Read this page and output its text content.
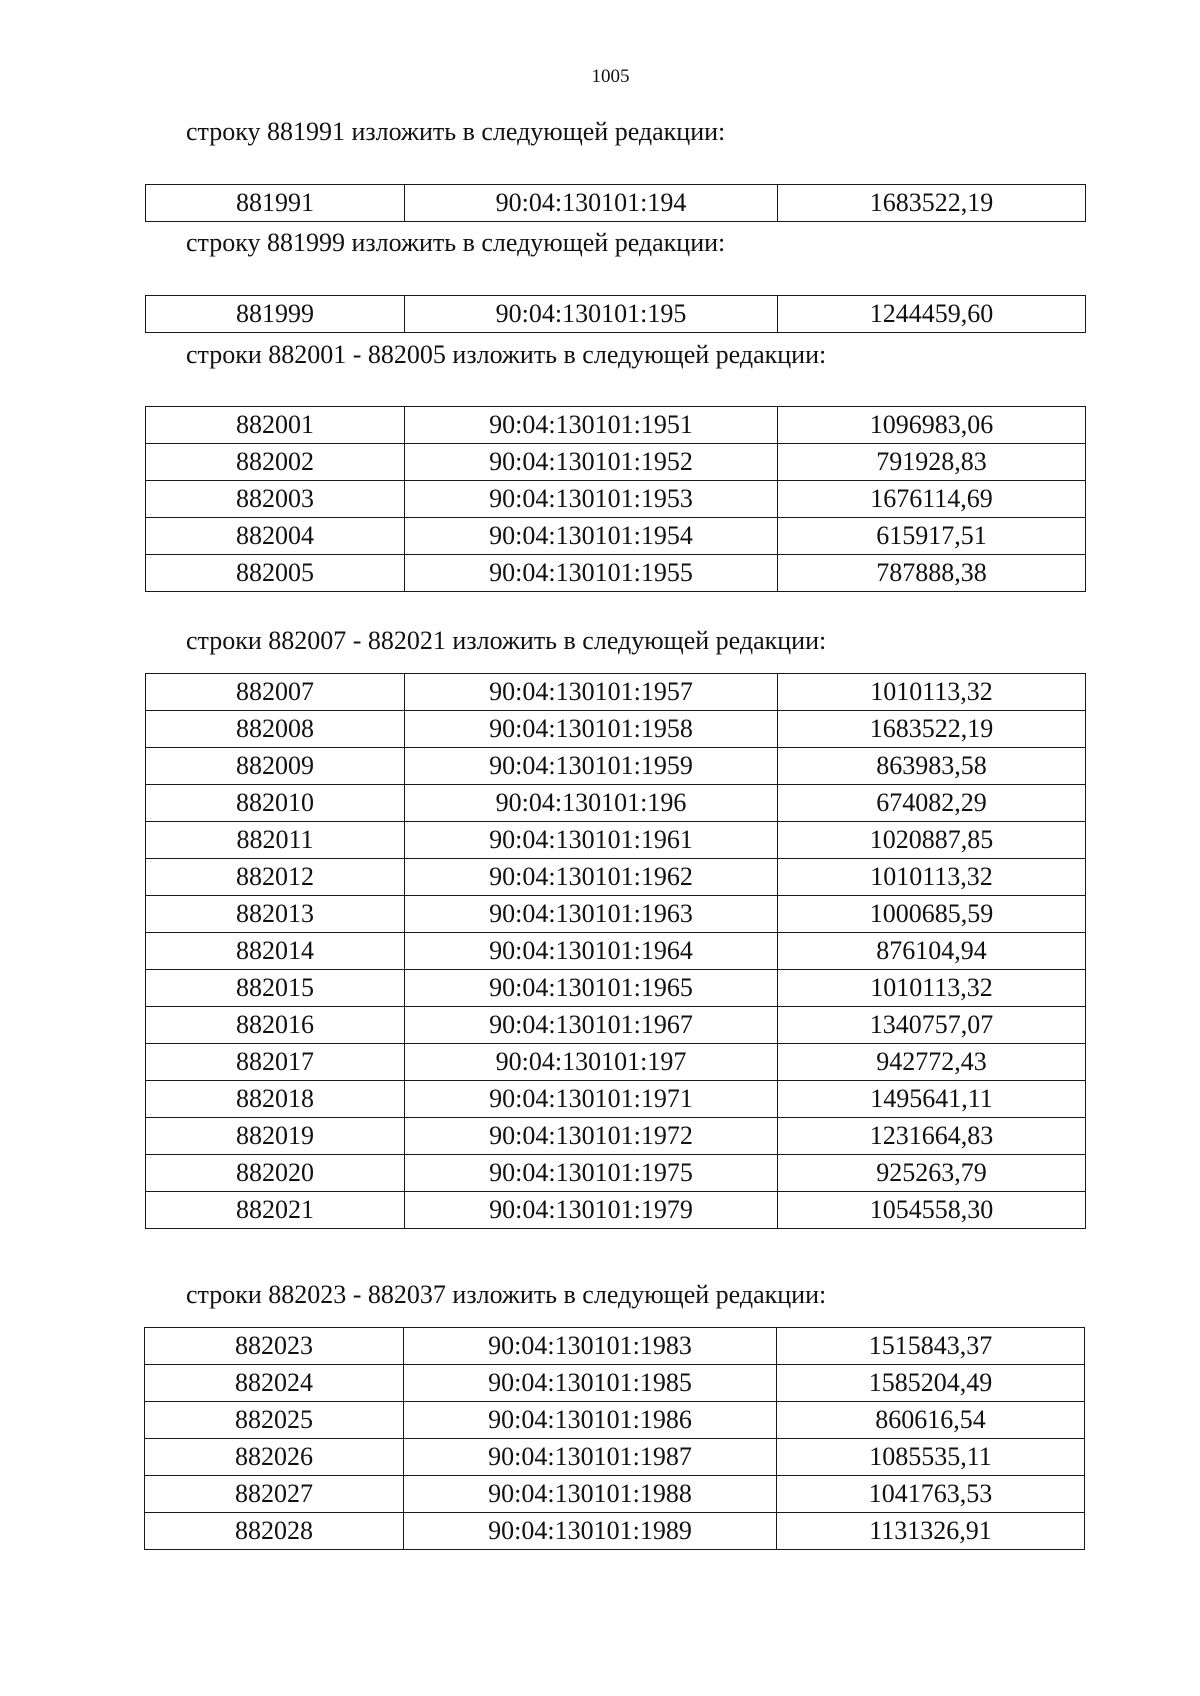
1005

строку 881991 изложить в следующей редакции:

881991	90:04:130101:194	1683522,19

строку 881999 изложить в следующей редакции:

881999	90:04:130101:195	1244459,60

строки 882001 - 882005 изложить в следующей редакции:

882001	90:04:130101:1951	1096983,06
882002	90:04:130101:1952	791928,83
882003	90:04:130101:1953	1676114,69
882004	90:04:130101:1954	615917,51
882005	90:04:130101:1955	787888,38

строки 882007 - 882021 изложить в следующей редакции:

882007	90:04:130101:1957	1010113,32
882008	90:04:130101:1958	1683522,19
882009	90:04:130101:1959	863983,58
882010	90:04:130101:196	674082,29
882011	90:04:130101:1961	1020887,85
882012	90:04:130101:1962	1010113,32
882013	90:04:130101:1963	1000685,59
882014	90:04:130101:1964	876104,94
882015	90:04:130101:1965	1010113,32
882016	90:04:130101:1967	1340757,07
882017	90:04:130101:197	942772,43
882018	90:04:130101:1971	1495641,11
882019	90:04:130101:1972	1231664,83
882020	90:04:130101:1975	925263,79
882021	90:04:130101:1979	1054558,30

строки 882023 - 882037 изложить в следующей редакции:

882023	90:04:130101:1983	1515843,37
882024	90:04:130101:1985	1585204,49
882025	90:04:130101:1986	860616,54
882026	90:04:130101:1987	1085535,11
882027	90:04:130101:1988	1041763,53
882028	90:04:130101:1989	1131326,91
